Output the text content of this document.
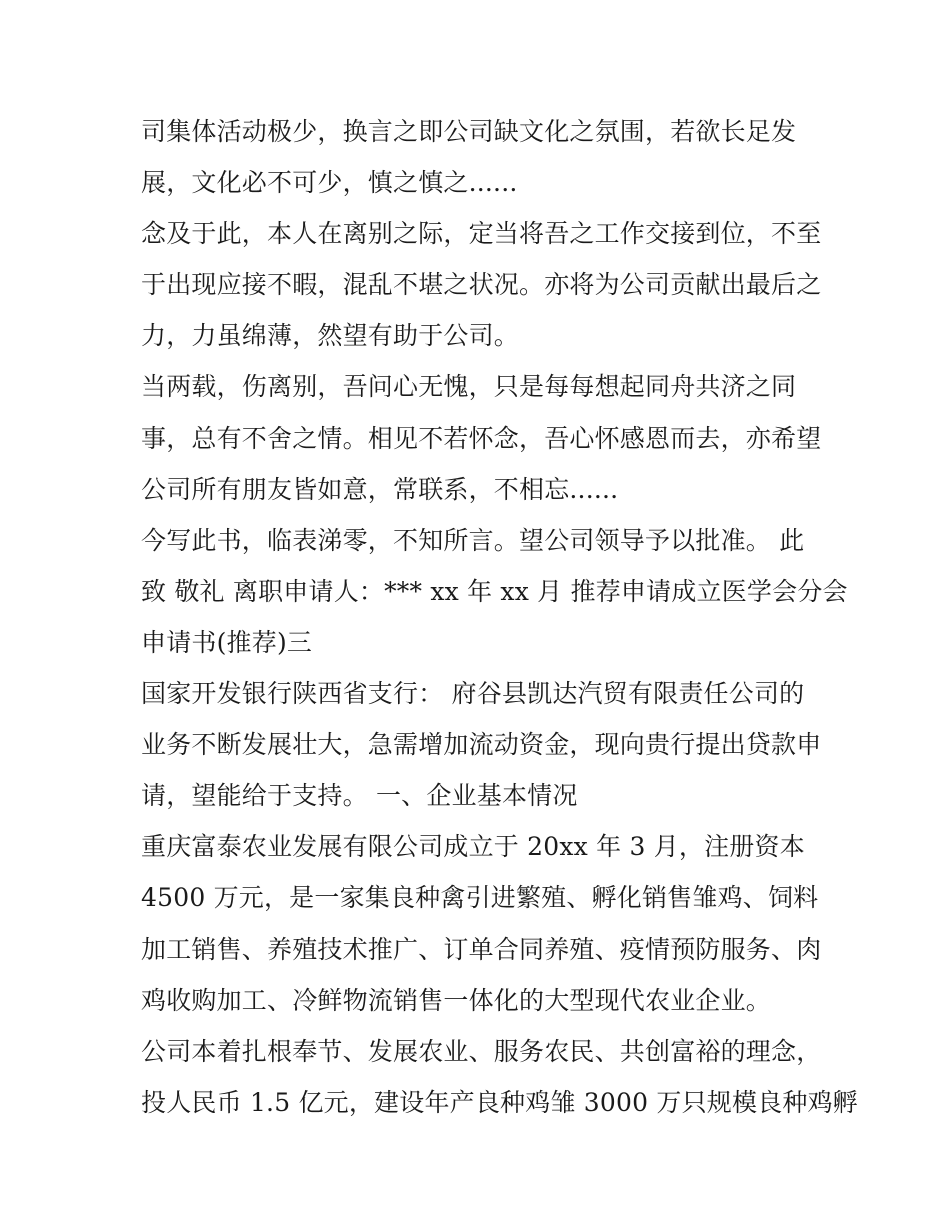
司集体活动极少，换言之即公司缺文化之氛围，若欲长足发
展，文化必不可少，慎之慎之......
念及于此，本人在离别之际，定当将吾之工作交接到位，不至
于出现应接不暇，混乱不堪之状况。亦将为公司贡献出最后之
力，力虽绵薄，然望有助于公司。
当两载，伤离别，吾问心无愧，只是每每想起同舟共济之同
事，总有不舍之情。相见不若怀念，吾心怀感恩而去，亦希望
公司所有朋友皆如意，常联系，不相忘......
今写此书，临表涕零，不知所言。望公司领导予以批准。 此
致 敬礼 离职申请人：*** xx 年 xx 月 推荐申请成立医学会分会
申请书(推荐)三
国家开发银行陕西省支行： 府谷县凯达汽贸有限责任公司的
业务不断发展壮大，急需增加流动资金，现向贵行提出贷款申
请，望能给于支持。 一、企业基本情况
重庆富泰农业发展有限公司成立于 20xx 年 3 月，注册资本
4500 万元，是一家集良种禽引进繁殖、孵化销售雏鸡、饲料
加工销售、养殖技术推广、订单合同养殖、疫情预防服务、肉
鸡收购加工、冷鲜物流销售一体化的大型现代农业企业。
公司本着扎根奉节、发展农业、服务农民、共创富裕的理念，
投人民币 1.5 亿元，建设年产良种鸡雏 3000 万只规模良种鸡孵
